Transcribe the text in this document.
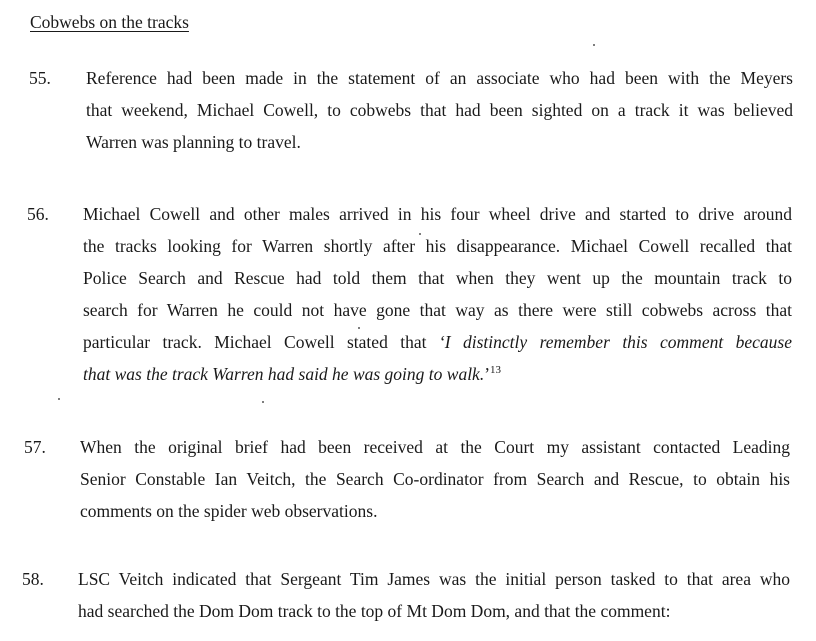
Cobwebs on the tracks
55. Reference had been made in the statement of an associate who had been with the Meyers
that weekend, Michael Cowell, to cobwebs that had been sighted on a track it was believed
Warren was planning to travel.
56. Michael Cowell and other males arrived in his four wheel drive and started to drive around
the tracks looking for Warren shortly after his disappearance. Michael Cowell recalled that
Police Search and Rescue had told them that when they went up the mountain track to
search for Warren he could not have gone that way as there were still cobwebs across that
particular track. Michael Cowell stated that ‘I distinctly remember this comment because
that was the track Warren had said he was going to walk.’$^{13}$
57. When the original brief had been received at the Court my assistant contacted Leading
Senior Constable Ian Veitch, the Search Co-ordinator from Search and Rescue, to obtain his
comments on the spider web observations.
58. LSC Veitch indicated that Sergeant Tim James was the initial person tasked to that area who
had searched the Dom Dom track to the top of Mt Dom Dom, and that the comment:
